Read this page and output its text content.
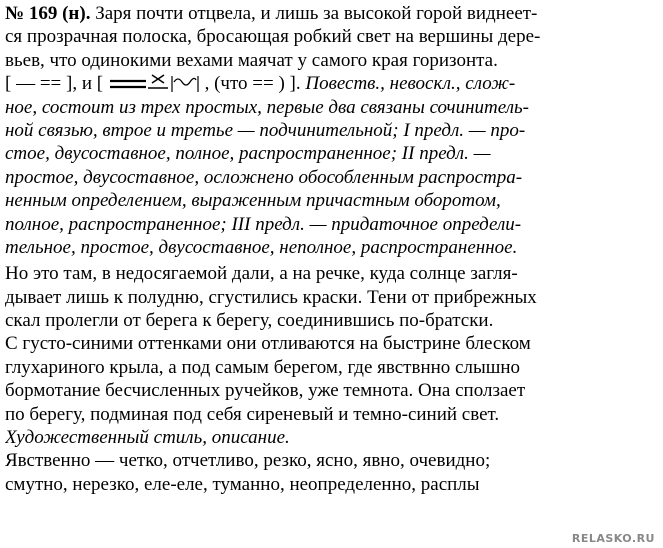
№ 169 (н). Заря почти отцвела, и лишь за высокой горой виднеет-
ся прозрачная полоска, бросающая робкий свет на вершины дере-
вьев, что одинокими вехами маячат у самого края горизонта.
[ — == ], и [	, (что == ) ]. Повеств., невоскл., слож-
ное, состоит из трех простых, первые два связаны сочинитель-
ной связью, втрое и третье — подчинительной; I предл. — про-
стое, двусоставное, полное, распространенное; II предл. —
простое, двусоставное, осложнено обособленным распростра-
ненным определением, выраженным причастным оборотом,
полное, распространенное; III предл. — придаточное определи-
тельное, простое, двусоставное, неполное, распространенное.
Но это там, в недосягаемой дали, а на речке, куда солнце загля-
дывает лишь к полудню, сгустились краски. Тени от прибрежных
скал пролегли от берега к берегу, соединившись по-братски.
С густо-синими оттенками они отливаются на быстрине блеском
глухариного крыла, а под самым берегом, где явствнно слышно
бормотание бесчисленных ручейков, уже темнота. Она сползает
по берегу, подминая под себя сиреневый и темно-синий свет.
Художественный стиль, описание.
Явственно — четко, отчетливо, резко, ясно, явно, очевидно;
смутно, нерезко, еле-еле, туманно, неопределенно, расплы
RELASKO.RU
